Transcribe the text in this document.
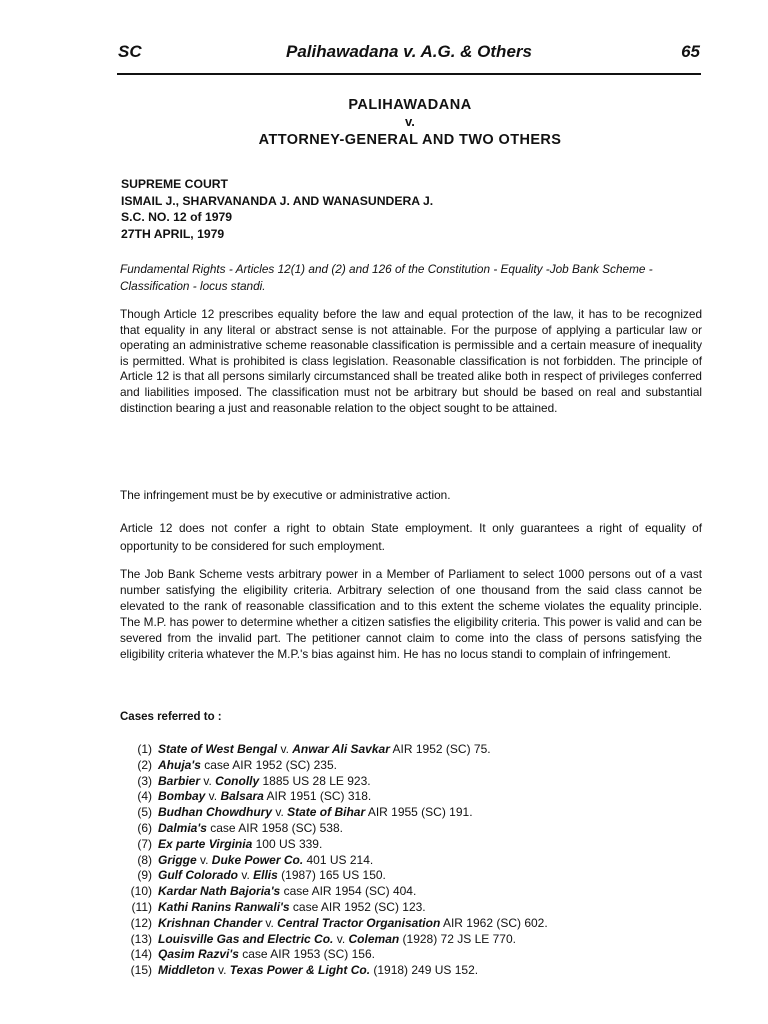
SC	Palihawadana v. A.G. & Others	65
PALIHAWADANA
v.
ATTORNEY-GENERAL AND TWO OTHERS
SUPREME COURT
ISMAIL J., SHARVANANDA J. AND WANASUNDERA J.
S.C. NO. 12 of 1979
27TH APRIL, 1979
Fundamental Rights - Articles 12(1) and (2) and 126 of the Constitution - Equality -Job Bank Scheme - Classification - locus standi.
Though Article 12 prescribes equality before the law and equal protection of the law, it has to be recognized that equality in any literal or abstract sense is not attainable. For the purpose of applying a particular law or operating an administrative scheme reasonable classification is permissible and a certain measure of inequality is permitted. What is prohibited is class legislation. Reasonable classification is not forbidden. The principle of Article 12 is that all persons similarly circumstanced shall be treated alike both in respect of privileges conferred and liabilities imposed. The classification must not be arbitrary but should be based on real and substantial distinction bearing a just and reasonable relation to the object sought to be attained.
The infringement must be by executive or administrative action.
Article 12 does not confer a right to obtain State employment. It only guarantees a right of equality of opportunity to be considered for such employment.
The Job Bank Scheme vests arbitrary power in a Member of Parliament to select 1000 persons out of a vast number satisfying the eligibility criteria. Arbitrary selection of one thousand from the said class cannot be elevated to the rank of reasonable classification and to this extent the scheme violates the equality principle. The M.P. has power to determine whether a citizen satisfies the eligibility criteria. This power is valid and can be severed from the invalid part. The petitioner cannot claim to come into the class of persons satisfying the eligibility criteria whatever the M.P.'s bias against him. He has no locus standi to complain of infringement.
Cases referred to :
(1) State of West Bengal v. Anwar Ali Savkar AIR 1952 (SC) 75.
(2) Ahuja's case AIR 1952 (SC) 235.
(3) Barbier v. Conolly 1885 US 28 LE 923.
(4) Bombay v. Balsara AIR 1951 (SC) 318.
(5) Budhan Chowdhury v. State of Bihar AIR 1955 (SC) 191.
(6) Dalmia's case AIR 1958 (SC) 538.
(7) Ex parte Virginia 100 US 339.
(8) Grigge v. Duke Power Co. 401 US 214.
(9) Gulf Colorado v. Ellis (1987) 165 US 150.
(10) Kardar Nath Bajoria's case AIR 1954 (SC) 404.
(11) Kathi Ranins Ranwali's case AIR 1952 (SC) 123.
(12) Krishnan Chander v. Central Tractor Organisation AIR 1962 (SC) 602.
(13) Louisville Gas and Electric Co. v. Coleman (1928) 72 JS LE 770.
(14) Qasim Razvi's case AIR 1953 (SC) 156.
(15) Middleton v. Texas Power & Light Co. (1918) 249 US 152.
